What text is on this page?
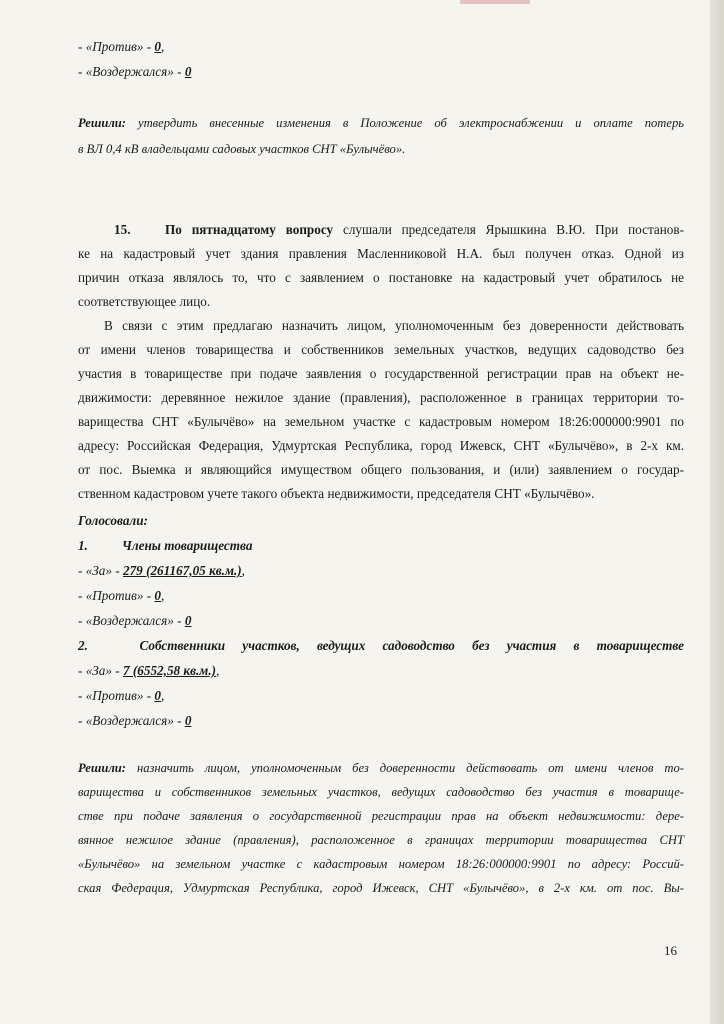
- «Против» - 0,
- «Воздержался» - 0
Решили: утвердить внесенные изменения в Положение об электроснабжении и оплате потерь
в ВЛ 0,4 кВ владельцами садовых участков СНТ «Булычёво».
15.	По пятнадцатому вопросу слушали председателя Ярышкина В.Ю. При постанов-
ке на кадастровый учет здания правления Масленниковой Н.А. был получен отказ. Одной из
причин отказа являлось то, что с заявлением о постановке на кадастровый учет обратилось не
соответствующее лицо.
В связи с этим предлагаю назначить лицом, уполномоченным без доверенности действовать
от имени членов товарищества и собственников земельных участков, ведущих садоводство без
участия в товариществе при подаче заявления о государственной регистрации прав на объект не-
движимости: деревянное нежилое здание (правления), расположенное в границах территории то-
варищества СНТ «Булычёво» на земельном участке с кадастровым номером 18:26:000000:9901 по
адресу: Российская Федерация, Удмуртская Республика, город Ижевск, СНТ «Булычёво», в 2-х км.
от пос. Выемка и являющийся имуществом общего пользования, и (или) заявлением о государ-
ственном кадастровом учете такого объекта недвижимости, председателя СНТ «Булычёво».
Голосовали:
1.	Члены товарищества
- «За» - 279 (261167,05 кв.м.),
- «Против» - 0,
- «Воздержался» - 0
2.	Собственники участков, ведущих садоводство без участия в товариществе
- «За» - 7 (6552,58 кв.м.),
- «Против» - 0,
- «Воздержался» - 0
Решили: назначить лицом, уполномоченным без доверенности действовать от имени членов то-
варищества и собственников земельных участков, ведущих садоводство без участия в товарище-
стве при подаче заявления о государственной регистрации прав на объект недвижимости: дере-
вянное нежилое здание (правления), расположенное в границах территории товарищества СНТ
«Булычёво» на земельном участке с кадастровым номером 18:26:000000:9901 по адресу: Россий-
ская Федерация, Удмуртская Республика, город Ижевск, СНТ «Булычёво», в 2-х км. от пос. Вы-
16
